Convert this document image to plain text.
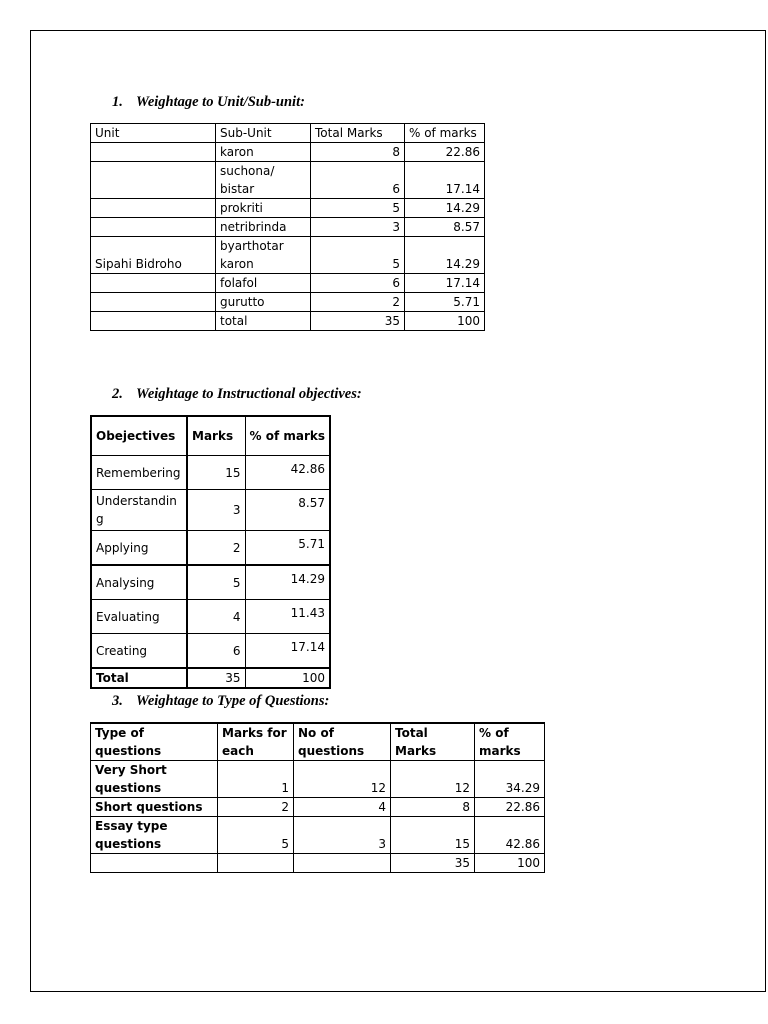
1. Weightage to Unit/Sub-unit:
Unit	Sub-Unit	Total Marks	% of marks
	karon	8	22.86
	suchona/ bistar	6	17.14
	prokriti	5	14.29
	netribrinda	3	8.57
Sipahi Bidroho	byarthotar karon	5	14.29
	folafol	6	17.14
	gurutto	2	5.71
	total	35	100
2. Weightage to Instructional objectives:
Obejectives	Marks	% of marks
Remembering	15	42.86
Understanding	3	8.57
Applying	2	5.71
Analysing	5	14.29
Evaluating	4	11.43
Creating	6	17.14
Total	35	100
3. Weightage to Type of Questions:
Type of questions	Marks for each	No of questions	Total Marks	% of marks
Very Short questions	1	12	12	34.29
Short questions	2	4	8	22.86
Essay type questions	5	3	15	42.86
			35	100
